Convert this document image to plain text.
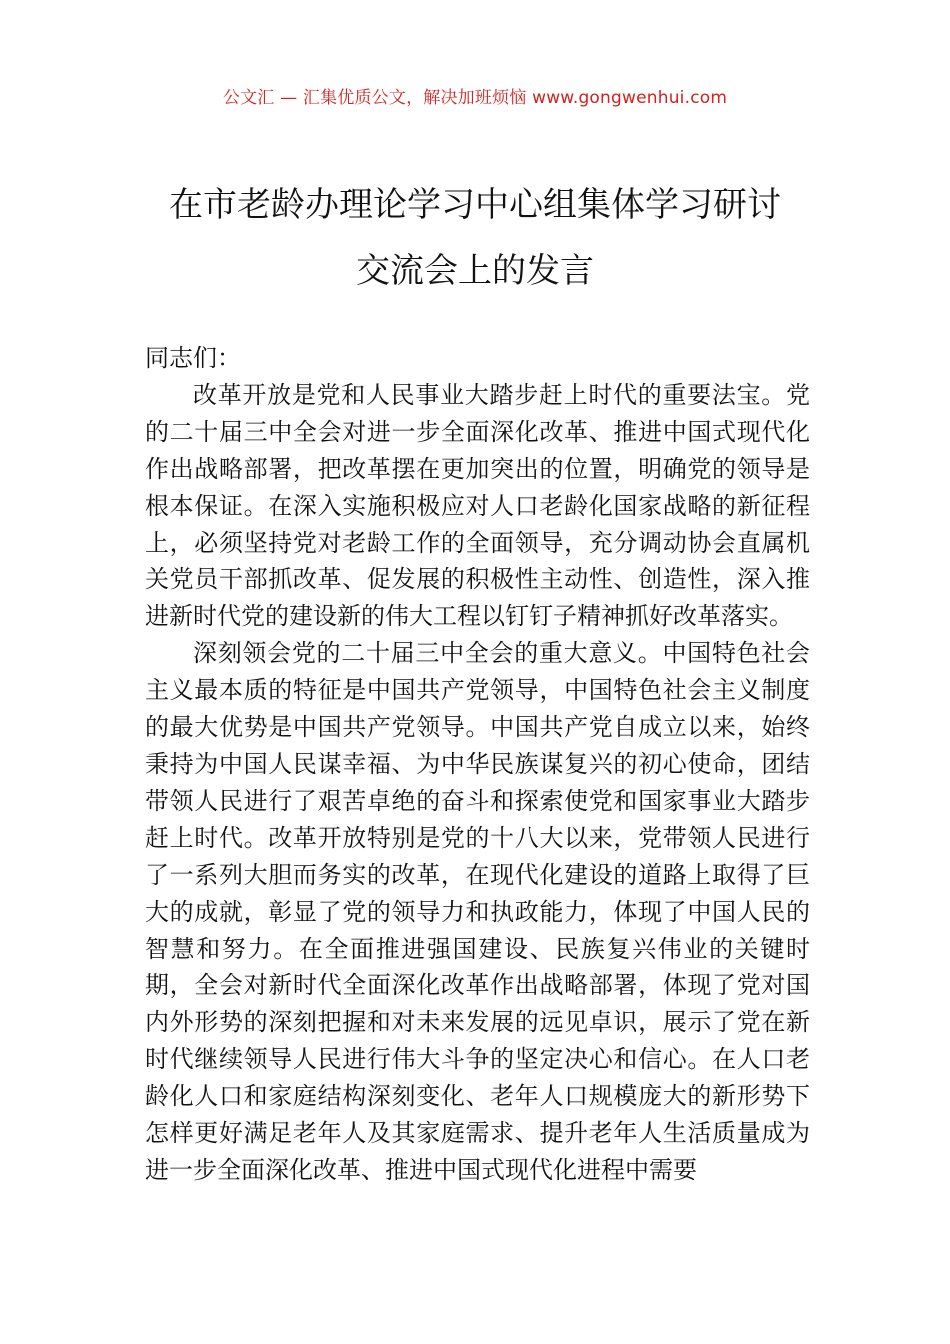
公文汇 — 汇集优质公文，解决加班烦恼 www.gongwenhui.com
在市老龄办理论学习中心组集体学习研讨
交流会上的发言

同志们：

改革开放是党和人民事业大踏步赶上时代的重要法宝。党的二十届三中全会对进一步全面深化改革、推进中国式现代化作出战略部署，把改革摆在更加突出的位置，明确党的领导是根本保证。在深入实施积极应对人口老龄化国家战略的新征程上，必须坚持党对老龄工作的全面领导，充分调动协会直属机关党员干部抓改革、促发展的积极性主动性、创造性，深入推进新时代党的建设新的伟大工程以钉钉子精神抓好改革落实。

深刻领会党的二十届三中全会的重大意义。中国特色社会主义最本质的特征是中国共产党领导，中国特色社会主义制度的最大优势是中国共产党领导。中国共产党自成立以来，始终秉持为中国人民谋幸福、为中华民族谋复兴的初心使命，团结带领人民进行了艰苦卓绝的奋斗和探索使党和国家事业大踏步赶上时代。改革开放特别是党的十八大以来，党带领人民进行了一系列大胆而务实的改革，在现代化建设的道路上取得了巨大的成就，彰显了党的领导力和执政能力，体现了中国人民的智慧和努力。在全面推进强国建设、民族复兴伟业的关键时期，全会对新时代全面深化改革作出战略部署，体现了党对国内外形势的深刻把握和对未来发展的远见卓识，展示了党在新时代继续领导人民进行伟大斗争的坚定决心和信心。在人口老龄化人口和家庭结构深刻变化、老年人口规模庞大的新形势下怎样更好满足老年人及其家庭需求、提升老年人生活质量成为进一步全面深化改革、推进中国式现代化进程中需要
